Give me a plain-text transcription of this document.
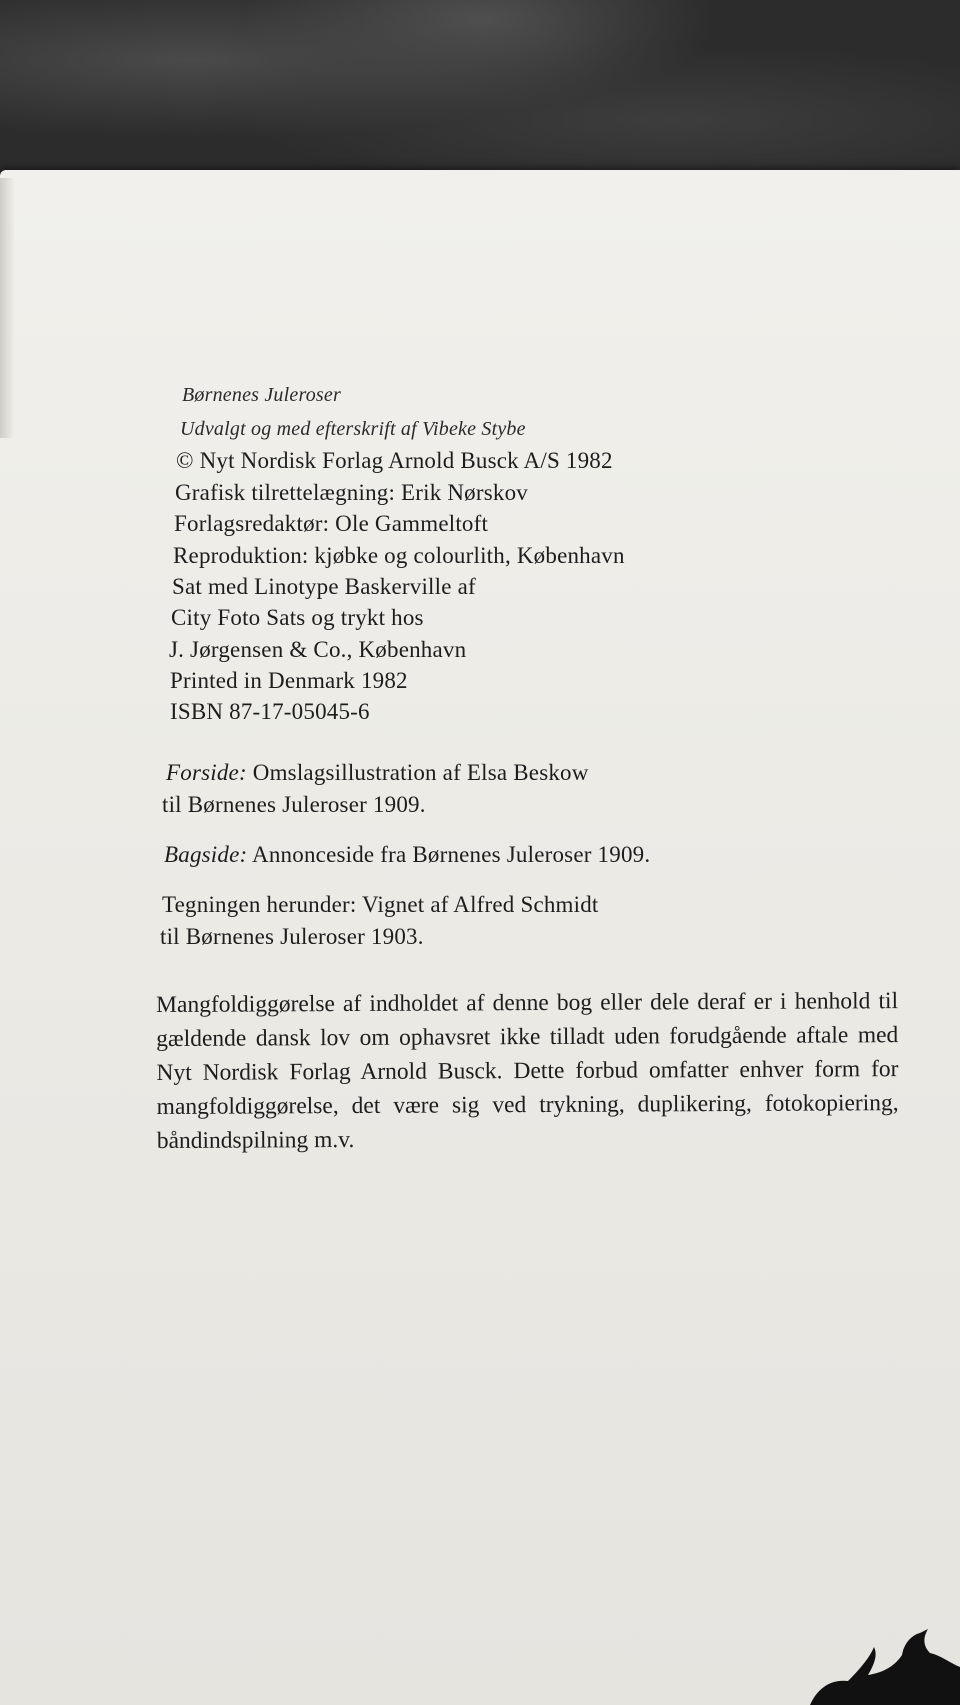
Børnenes Juleroser
Udvalgt og med efterskrift af Vibeke Stybe
© Nyt Nordisk Forlag Arnold Busck A/S 1982
Grafisk tilrettelægning: Erik Nørskov
Forlagsredaktør: Ole Gammeltoft
Reproduktion: kjøbke og colourlith, København
Sat med Linotype Baskerville af
City Foto Sats og trykt hos
J. Jørgensen & Co., København
Printed in Denmark 1982
ISBN 87-17-05045-6
Forside: Omslagsillustration af Elsa Beskow
til Børnenes Juleroser 1909.
Bagside: Annonceside fra Børnenes Juleroser 1909.
Tegningen herunder: Vignet af Alfred Schmidt
til Børnenes Juleroser 1903.
Mangfoldiggørelse af indholdet af denne bog eller dele deraf er i henhold til gældende dansk lov om ophavsret ikke tilladt uden forudgående aftale med Nyt Nordisk Forlag Arnold Busck. Dette forbud omfatter enhver form for mangfoldiggørelse, det være sig ved trykning, duplikering, fotokopiering, båndindspilning m.v.
